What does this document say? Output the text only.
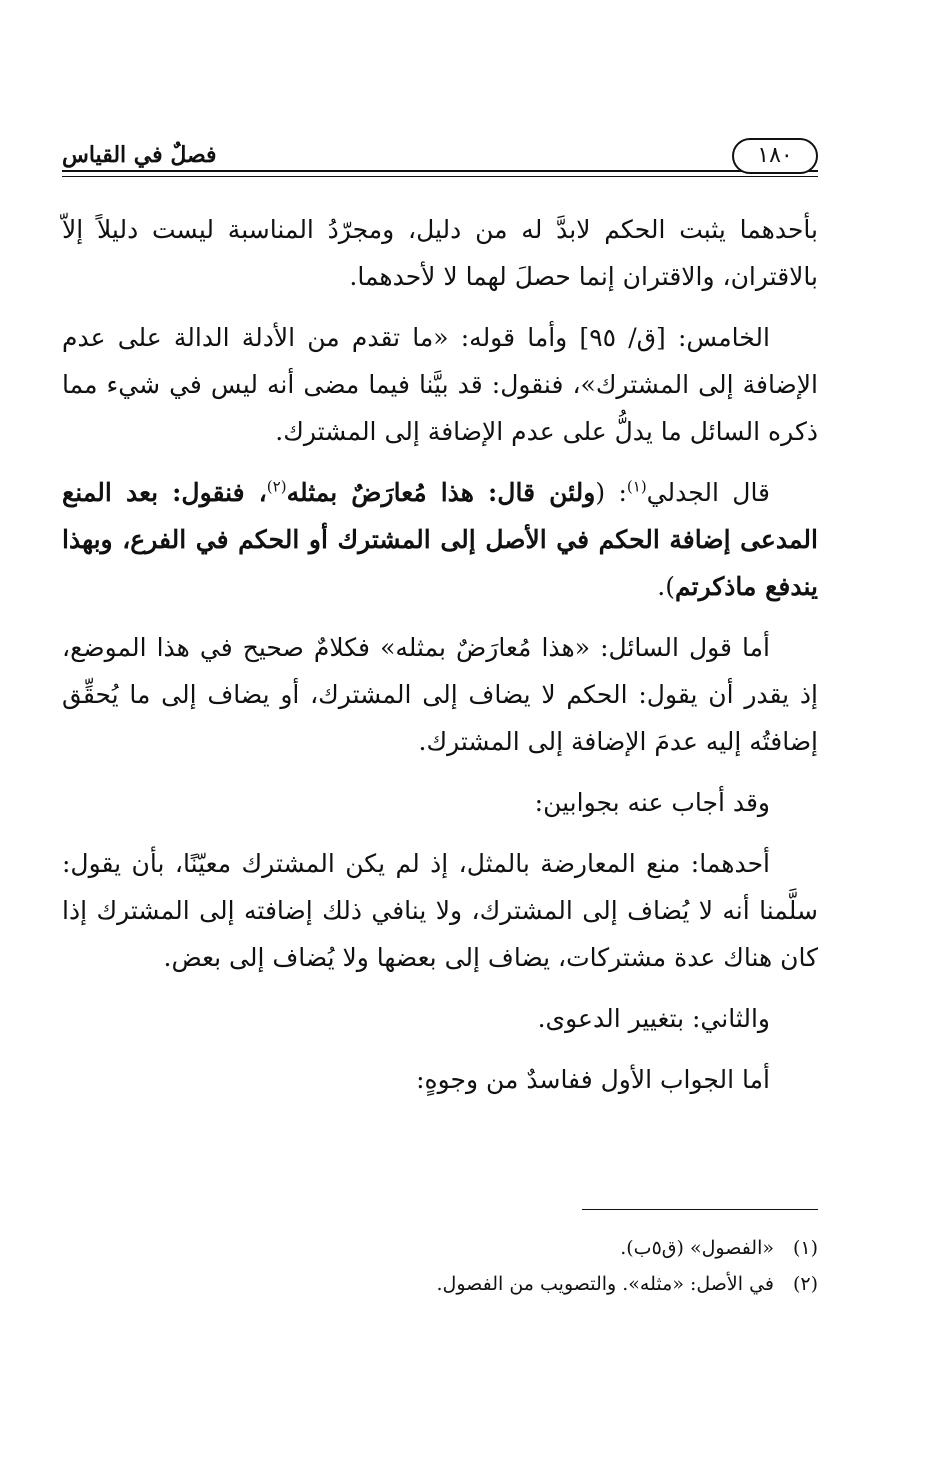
١٨٠
فصلٌ في القياس

بأحدهما يثبت الحكم لابدَّ له من دليل، ومجرّدُ المناسبة ليست دليلاً إلاّ بالاقتران، والاقتران إنما حصلَ لهما لا لأحدهما.

الخامس: [ق/ ٩٥] وأما قوله: «ما تقدم من الأدلة الدالة على عدم الإضافة إلى المشترك»، فنقول: قد بيَّنا فيما مضى أنه ليس في شيء مما ذكره السائل ما يدلُّ على عدم الإضافة إلى المشترك.

قال الجدلي$^{(١)}$: (ولئن قال: هذا مُعارَضٌ بمثله$^{(٢)}$، فنقول: بعد المنع المدعى إضافة الحكم في الأصل إلى المشترك أو الحكم في الفرع، وبهذا يندفع ماذكرتم).

أما قول السائل: «هذا مُعارَضٌ بمثله» فكلامٌ صحيح في هذا الموضع، إذ يقدر أن يقول: الحكم لا يضاف إلى المشترك، أو يضاف إلى ما يُحقِّق إضافتُه إليه عدمَ الإضافة إلى المشترك.

وقد أجاب عنه بجوابين:

أحدهما: منع المعارضة بالمثل، إذ لم يكن المشترك معيّنًا، بأن يقول: سلَّمنا أنه لا يُضاف إلى المشترك، ولا ينافي ذلك إضافته إلى المشترك إذا كان هناك عدة مشتركات، يضاف إلى بعضها ولا يُضاف إلى بعض.

والثاني: بتغيير الدعوى.

أما الجواب الأول ففاسدٌ من وجوهٍ:

(١)«الفصول» (ق٥ب).

(٢)في الأصل: «مثله». والتصويب من الفصول.
